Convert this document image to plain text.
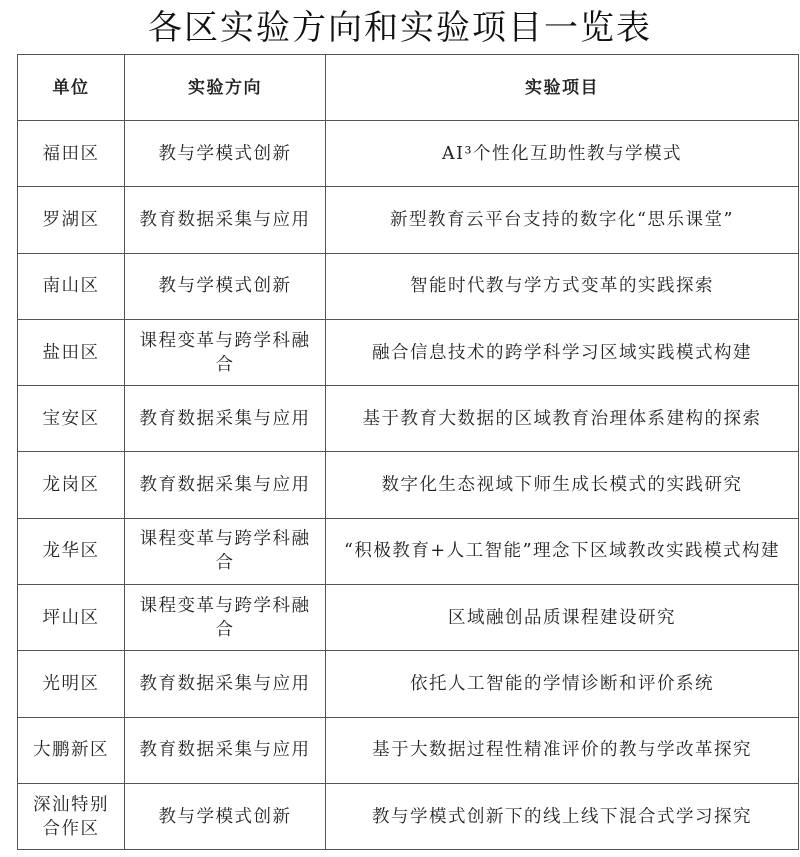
各区实验方向和实验项目一览表
单位	实验方向	实验项目
福田区	教与学模式创新	AI³个性化互助性教与学模式
罗湖区	教育数据采集与应用	新型教育云平台支持的数字化“思乐课堂”
南山区	教与学模式创新	智能时代教与学方式变革的实践探索
盐田区	课程变革与跨学科融合	融合信息技术的跨学科学习区域实践模式构建
宝安区	教育数据采集与应用	基于教育大数据的区域教育治理体系建构的探索
龙岗区	教育数据采集与应用	数字化生态视域下师生成长模式的实践研究
龙华区	课程变革与跨学科融合	“积极教育+人工智能”理念下区域教改实践模式构建
坪山区	课程变革与跨学科融合	区域融创品质课程建设研究
光明区	教育数据采集与应用	依托人工智能的学情诊断和评价系统
大鹏新区	教育数据采集与应用	基于大数据过程性精准评价的教与学改革探究
深汕特别合作区	教与学模式创新	教与学模式创新下的线上线下混合式学习探究
